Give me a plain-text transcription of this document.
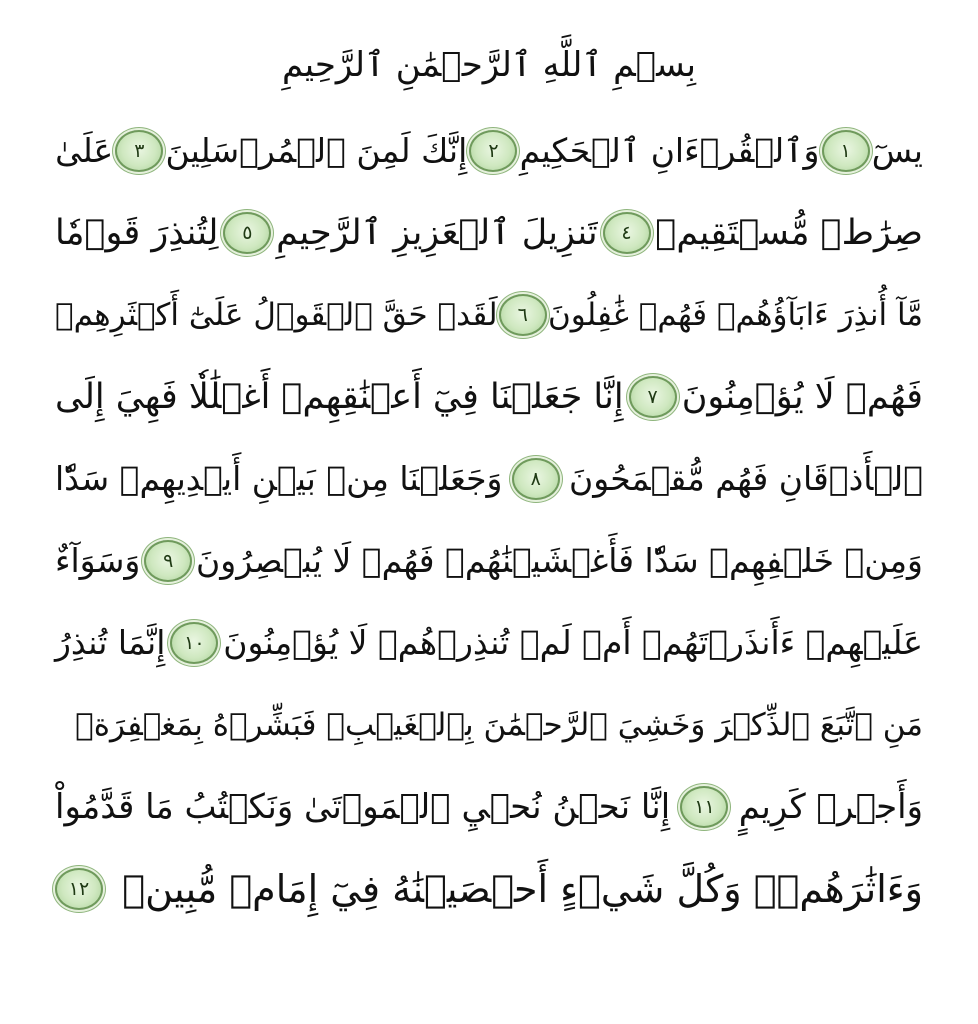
بِسۡمِ ٱللَّهِ ٱلرَّحۡمَٰنِ ٱلرَّحِيمِ
يسٓ
١
وَٱلۡقُرۡءَانِ ٱلۡحَكِيمِ
٢
إِنَّكَ لَمِنَ ٱلۡمُرۡسَلِينَ
٣
عَلَىٰ
صِرَٰطٖ مُّسۡتَقِيمٖ
٤
تَنزِيلَ ٱلۡعَزِيزِ ٱلرَّحِيمِ
٥
لِتُنذِرَ قَوۡمٗا
مَّآ أُنذِرَ ءَابَآؤُهُمۡ فَهُمۡ غَٰفِلُونَ
٦
لَقَدۡ حَقَّ ٱلۡقَوۡلُ عَلَىٰٓ أَكۡثَرِهِمۡ
فَهُمۡ لَا يُؤۡمِنُونَ
٧
إِنَّا جَعَلۡنَا فِيٓ أَعۡنَٰقِهِمۡ أَغۡلَٰلٗا فَهِيَ إِلَى
ٱلۡأَذۡقَانِ فَهُم مُّقۡمَحُونَ
٨
وَجَعَلۡنَا مِنۢ بَيۡنِ أَيۡدِيهِمۡ سَدّٗا
وَمِنۡ خَلۡفِهِمۡ سَدّٗا فَأَغۡشَيۡنَٰهُمۡ فَهُمۡ لَا يُبۡصِرُونَ
٩
وَسَوَآءٌ
عَلَيۡهِمۡ ءَأَنذَرۡتَهُمۡ أَمۡ لَمۡ تُنذِرۡهُمۡ لَا يُؤۡمِنُونَ
١٠
إِنَّمَا تُنذِرُ
مَنِ ٱتَّبَعَ ٱلذِّكۡرَ وَخَشِيَ ٱلرَّحۡمَٰنَ بِٱلۡغَيۡبِۖ فَبَشِّرۡهُ بِمَغۡفِرَةٖ
وَأَجۡرٖ كَرِيمٍ
١١
إِنَّا نَحۡنُ نُحۡيِ ٱلۡمَوۡتَىٰ وَنَكۡتُبُ مَا قَدَّمُواْ
وَءَاثَٰرَهُمۡۚ وَكُلَّ شَيۡءٍ أَحۡصَيۡنَٰهُ فِيٓ إِمَامٖ مُّبِينٖ
١٢
